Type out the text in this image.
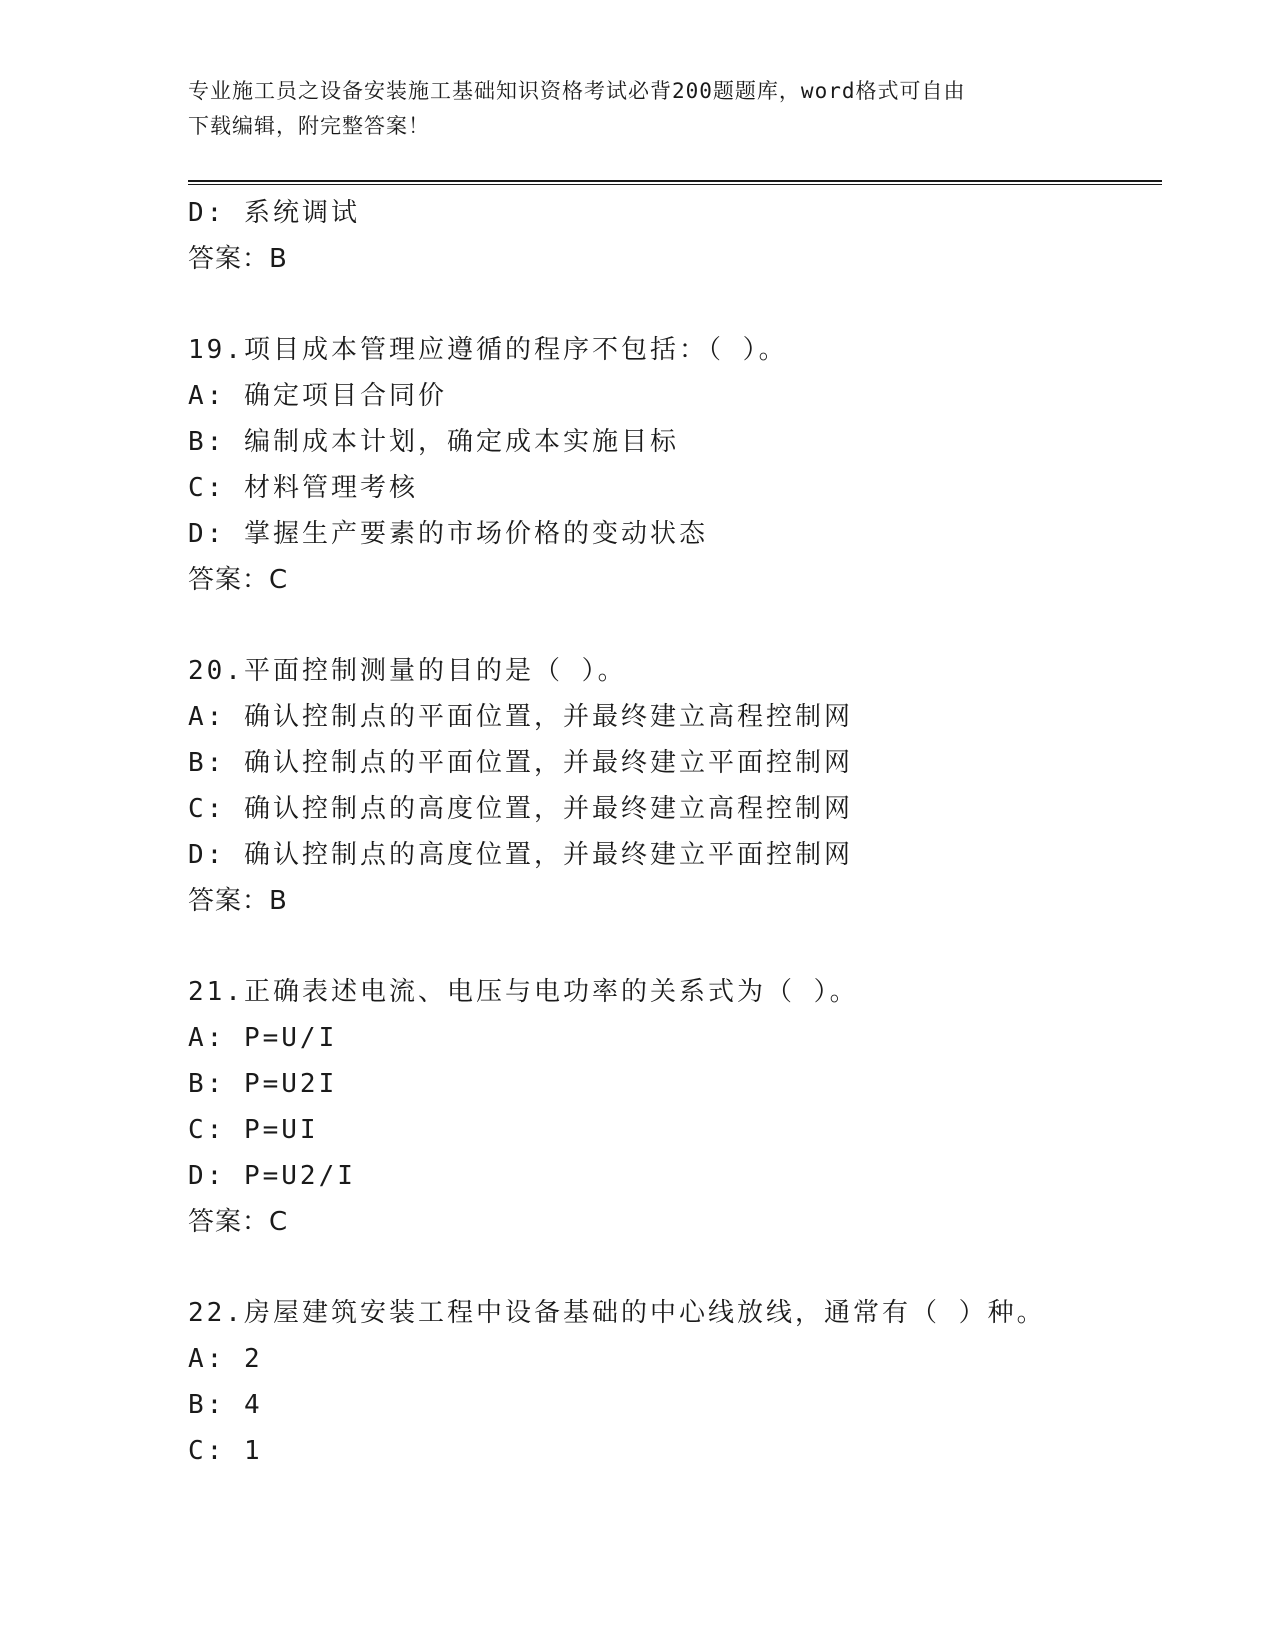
专业施工员之设备安装施工基础知识资格考试必背200题题库，word格式可自由
下载编辑，附完整答案！
D: 系统调试
答案：B
19.项目成本管理应遵循的程序不包括：（ ）。
A: 确定项目合同价
B: 编制成本计划，确定成本实施目标
C: 材料管理考核
D: 掌握生产要素的市场价格的变动状态
答案：C
20.平面控制测量的目的是（ ）。
A: 确认控制点的平面位置，并最终建立高程控制网
B: 确认控制点的平面位置，并最终建立平面控制网
C: 确认控制点的高度位置，并最终建立高程控制网
D: 确认控制点的高度位置，并最终建立平面控制网
答案：B
21.正确表述电流、电压与电功率的关系式为（ ）。
A: P=U/I
B: P=U2I
C: P=UI
D: P=U2/I
答案：C
22.房屋建筑安装工程中设备基础的中心线放线，通常有（ ）种。
A: 2
B: 4
C: 1
